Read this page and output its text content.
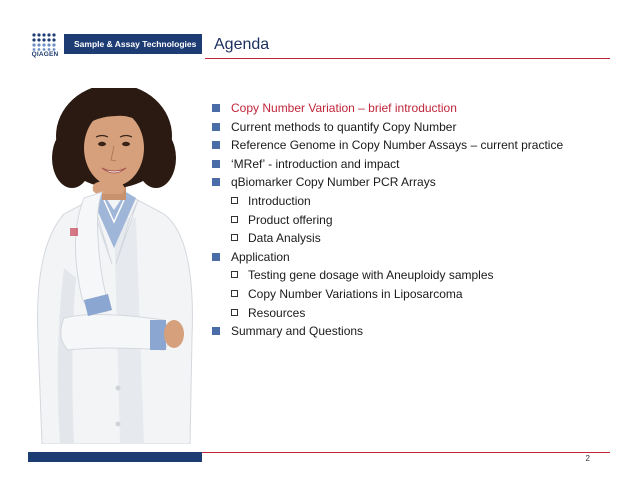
QIAGEN
Sample & Assay Technologies	Agenda
Copy Number Variation – brief introduction
Current methods to quantify Copy Number
Reference Genome in Copy Number Assays – current practice
‘MRef’ - introduction and impact
qBiomarker Copy Number PCR Arrays
Introduction
Product offering
Data Analysis
Application
Testing gene dosage with Aneuploidy samples
Copy Number Variations in Liposarcoma
Resources
Summary and Questions
2
